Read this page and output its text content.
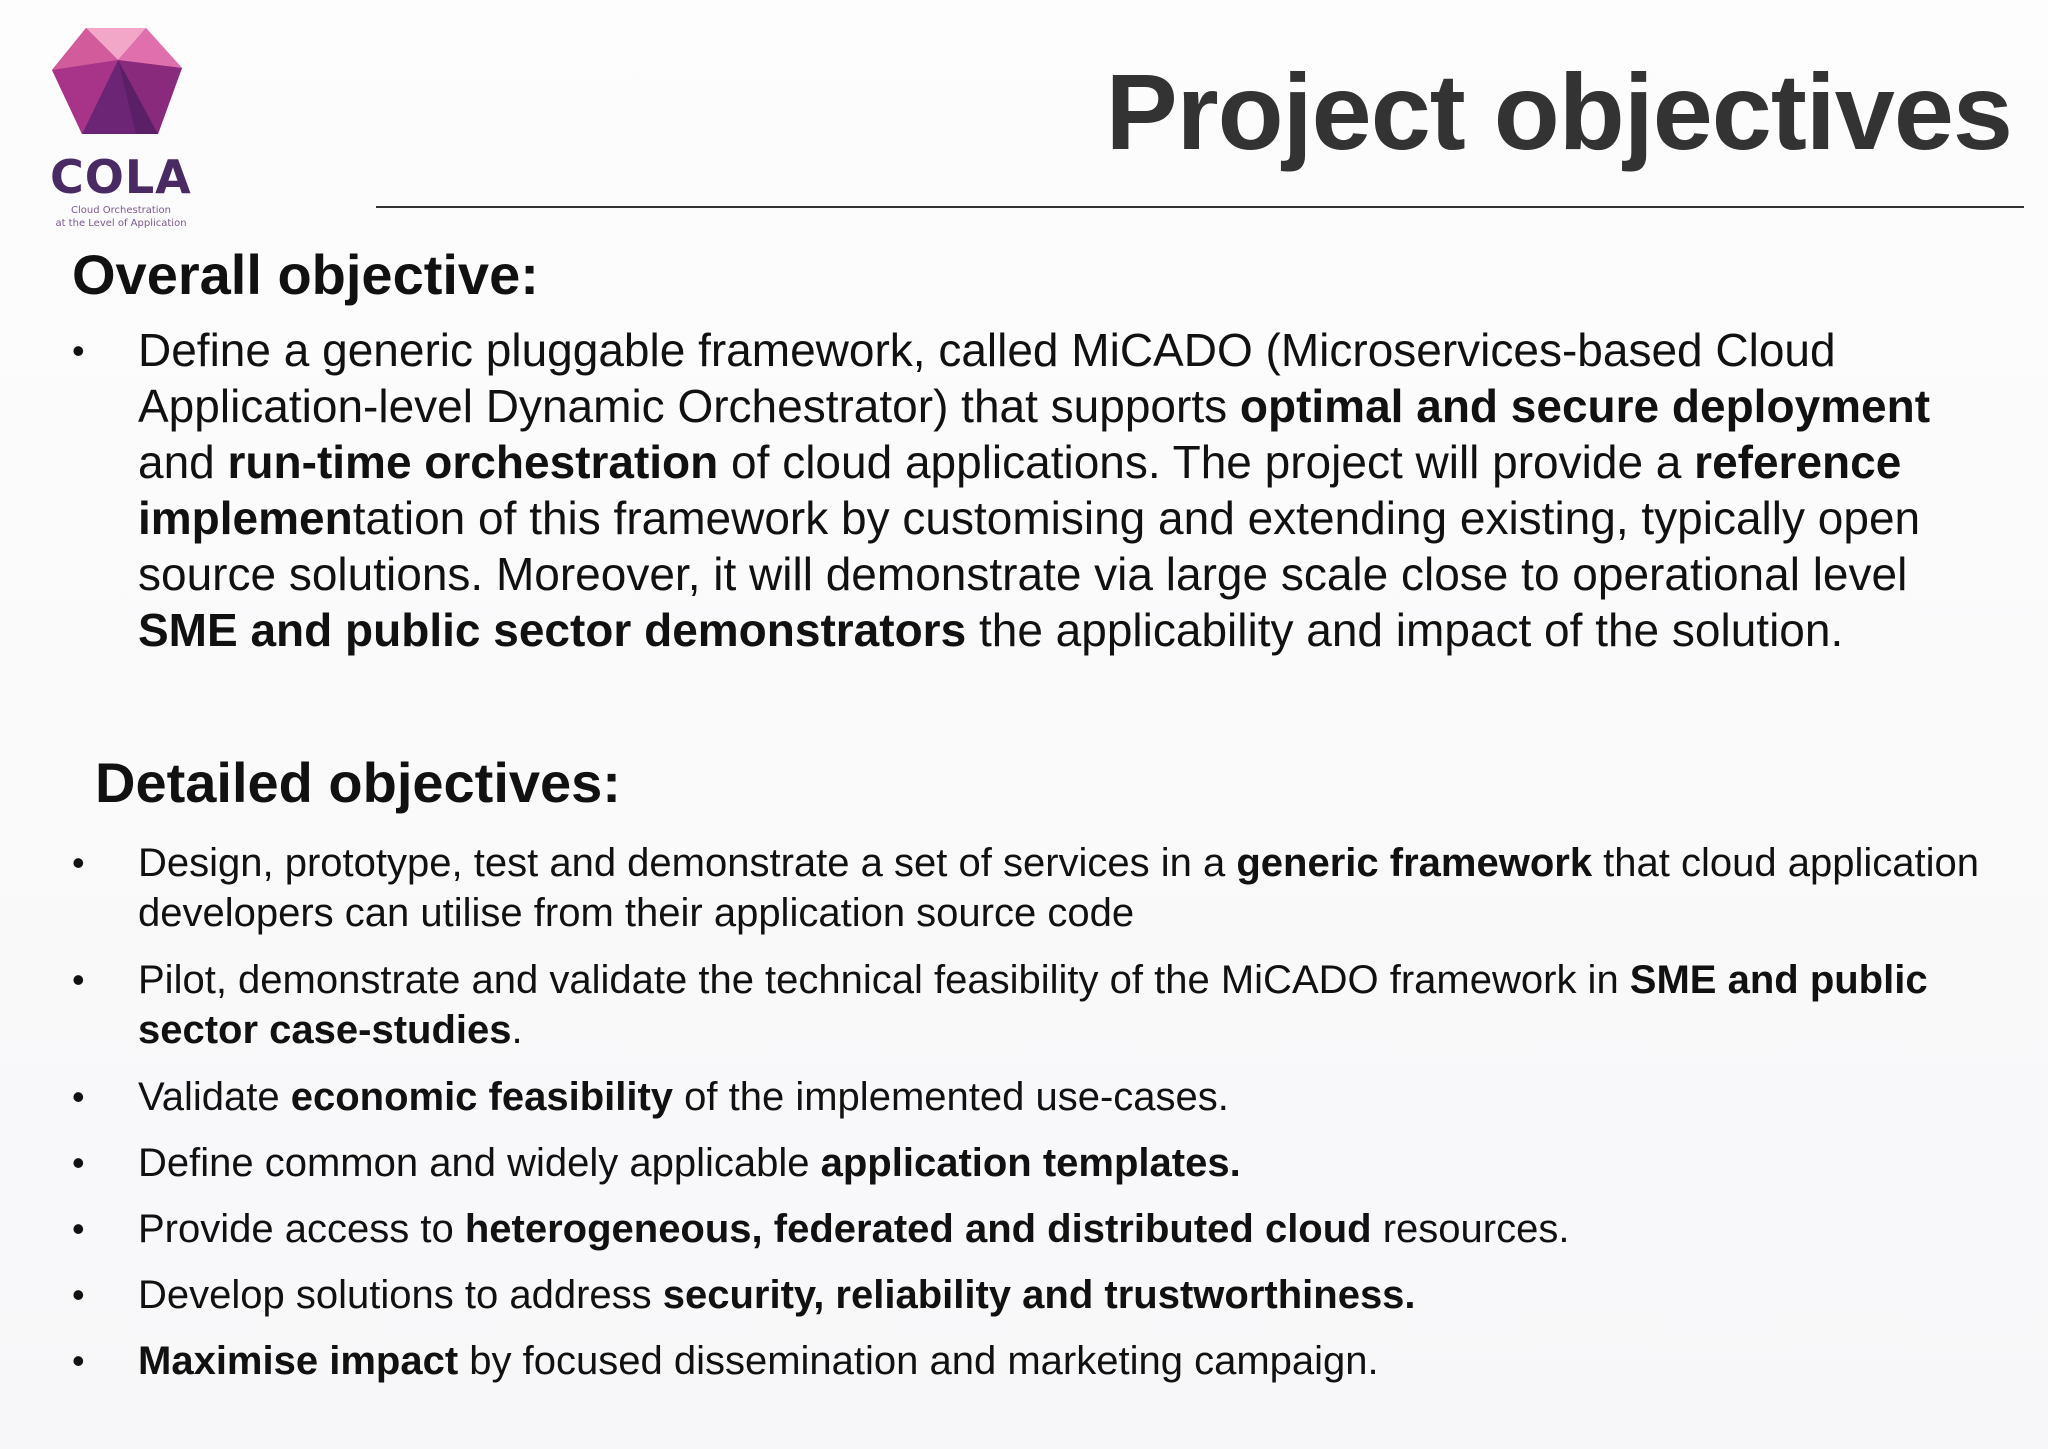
COLA
Cloud Orchestration
at the Level of Application
Project objectives
Overall objective:
• Define a generic pluggable framework, called MiCADO (Microservices-based Cloud Application-level Dynamic Orchestrator) that supports optimal and secure deployment and run-time orchestration of cloud applications. The project will provide a reference implementation of this framework by customising and extending existing, typically open source solutions. Moreover, it will demonstrate via large scale close to operational level SME and public sector demonstrators the applicability and impact of the solution.
Detailed objectives:
• Design, prototype, test and demonstrate a set of services in a generic framework that cloud application developers can utilise from their application source code
• Pilot, demonstrate and validate the technical feasibility of the MiCADO framework in SME and public sector case-studies.
• Validate economic feasibility of the implemented use-cases.
• Define common and widely applicable application templates.
• Provide access to heterogeneous, federated and distributed cloud resources.
• Develop solutions to address security, reliability and trustworthiness.
• Maximise impact by focused dissemination and marketing campaign.
